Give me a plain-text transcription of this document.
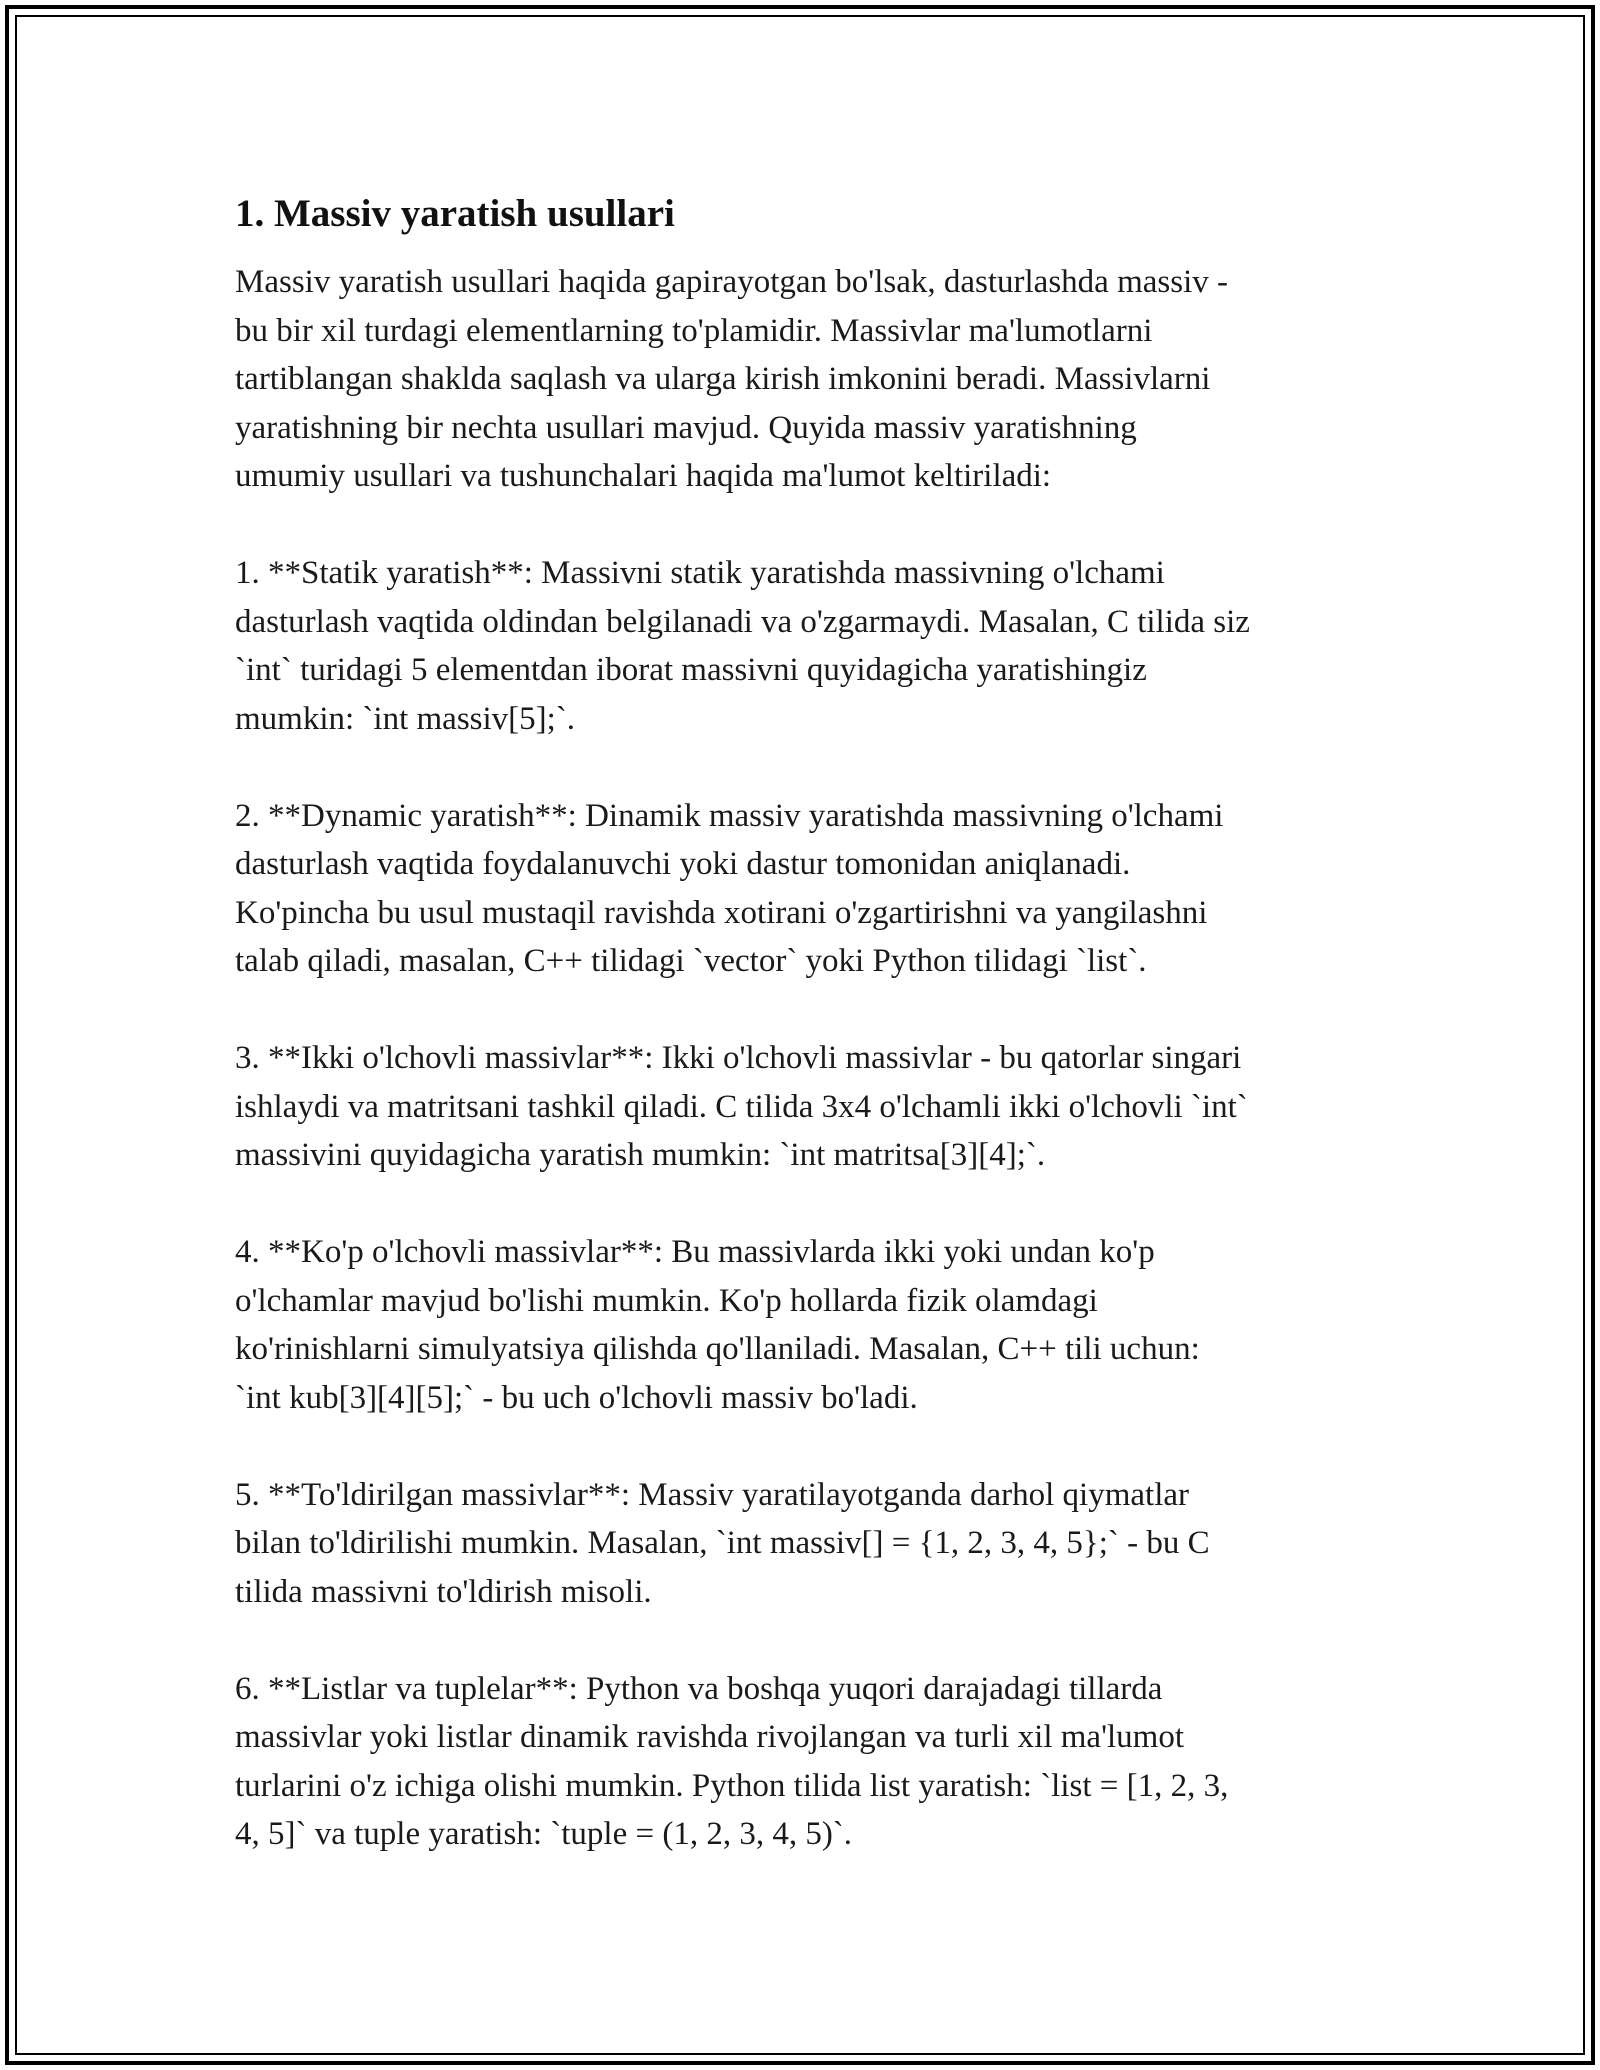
1. Massiv yaratish usullari

Massiv yaratish usullari haqida gapirayotgan bo'lsak, dasturlashda massiv -
bu bir xil turdagi elementlarning to'plamidir. Massivlar ma'lumotlarni
tartiblangan shaklda saqlash va ularga kirish imkonini beradi. Massivlarni
yaratishning bir nechta usullari mavjud. Quyida massiv yaratishning
umumiy usullari va tushunchalari haqida ma'lumot keltiriladi:

1. **Statik yaratish**: Massivni statik yaratishda massivning o'lchami
dasturlash vaqtida oldindan belgilanadi va o'zgarmaydi. Masalan, C tilida siz
`int` turidagi 5 elementdan iborat massivni quyidagicha yaratishingiz
mumkin: `int massiv[5];`.

2. **Dynamic yaratish**: Dinamik massiv yaratishda massivning o'lchami
dasturlash vaqtida foydalanuvchi yoki dastur tomonidan aniqlanadi.
Ko'pincha bu usul mustaqil ravishda xotirani o'zgartirishni va yangilashni
talab qiladi, masalan, C++ tilidagi `vector` yoki Python tilidagi `list`.

3. **Ikki o'lchovli massivlar**: Ikki o'lchovli massivlar - bu qatorlar singari
ishlaydi va matritsani tashkil qiladi. C tilida 3x4 o'lchamli ikki o'lchovli `int`
massivini quyidagicha yaratish mumkin: `int matritsa[3][4];`.

4. **Ko'p o'lchovli massivlar**: Bu massivlarda ikki yoki undan ko'p
o'lchamlar mavjud bo'lishi mumkin. Ko'p hollarda fizik olamdagi
ko'rinishlarni simulyatsiya qilishda qo'llaniladi. Masalan, C++ tili uchun:
`int kub[3][4][5];` - bu uch o'lchovli massiv bo'ladi.

5. **To'ldirilgan massivlar**: Massiv yaratilayotganda darhol qiymatlar
bilan to'ldirilishi mumkin. Masalan, `int massiv[] = {1, 2, 3, 4, 5};` - bu C
tilida massivni to'ldirish misoli.

6. **Listlar va tuplelar**: Python va boshqa yuqori darajadagi tillarda
massivlar yoki listlar dinamik ravishda rivojlangan va turli xil ma'lumot
turlarini o'z ichiga olishi mumkin. Python tilida list yaratish: `list = [1, 2, 3,
4, 5]` va tuple yaratish: `tuple = (1, 2, 3, 4, 5)`.
